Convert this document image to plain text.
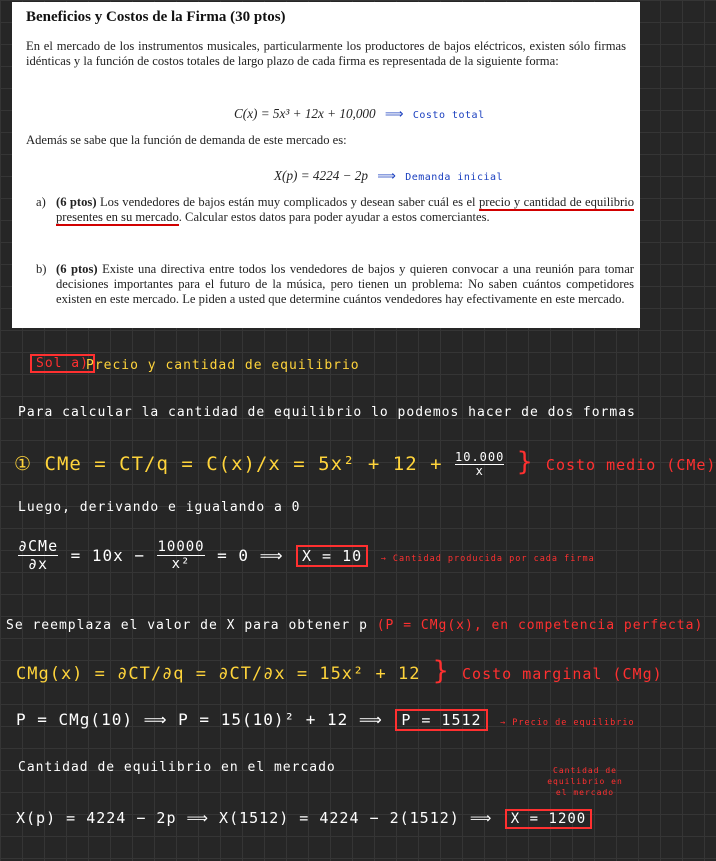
Beneficios y Costos de la Firma (30 ptos)

En el mercado de los instrumentos musicales, particularmente los productores de bajos eléctricos, existen sólo firmas idénticas y la función de costos totales de largo plazo de cada firma es representada de la siguiente forma:

C(x) = 5x³ + 12x + 10,000 ⟹ Costo total

Además se sabe que la función de demanda de este mercado es:

X(p) = 4224 − 2p ⟹ Demanda inicial
a) (6 ptos) Los vendedores de bajos están muy complicados y desean saber cuál es el precio y cantidad de equilibrio presentes en su mercado. Calcular estos datos para poder ayudar a estos comerciantes.
b) (6 ptos) Existe una directiva entre todos los vendedores de bajos y quieren convocar a una reunión para tomar decisiones importantes para el futuro de la música, pero tienen un problema: No saben cuántos competidores existen en este mercado. Le piden a usted que determine cuántos vendedores hay efectivamente en este mercado.
Sol a)
Precio y cantidad de equilibrio
Para calcular la cantidad de equilibrio lo podemos hacer de dos formas
① CMe = $CT/q = C(x)/x = 5x^2 + 12 + \frac{10.000}{x}$ } Costo medio (CMe)
Luego, derivando e igualando a 0
∂CMe
∂x	= $10x - \frac{10000}{\text{x²}} = 0$ ⟹ X = 10 → Cantidad producida por cada firma
Se reemplaza el valor de X para obtener p (P = CMg(x), en competencia perfecta)
CMg(x) = ∂CT/∂q = ∂CT/∂x = 15x² + 12 } Costo marginal (CMg)
P = CMg(10) ⟹ P = 15(10)² + 12 ⟹ P = 1512 → Precio de equilibrio
Cantidad de equilibrio en el mercado	Cantidad de equilibrio en el mercado
X(p) = 4224 − 2p ⟹ X(1512) = 4224 − 2(1512) ⟹ X = 1200
